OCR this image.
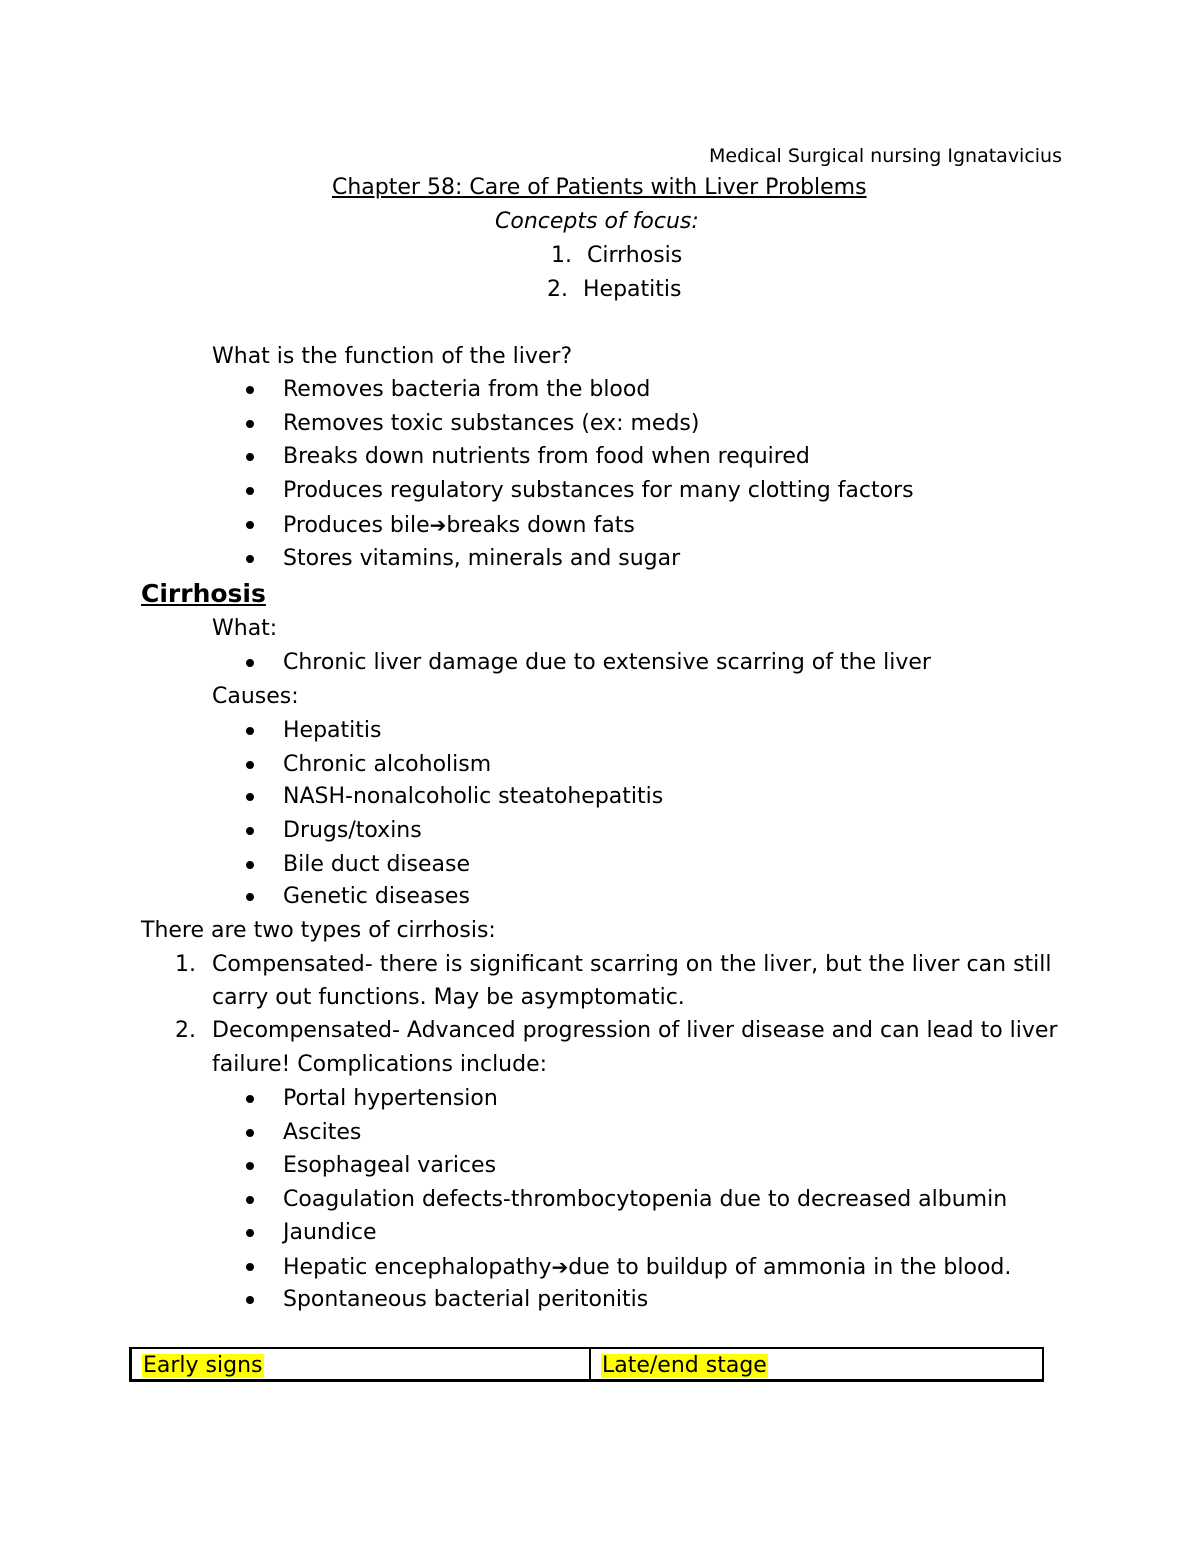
Medical Surgical nursing Ignatavicius
Chapter 58: Care of Patients with Liver Problems
Concepts of focus:
1. Cirrhosis
2. Hepatitis
What is the function of the liver?
Removes bacteria from the blood
Removes toxic substances (ex: meds)
Breaks down nutrients from food when required
Produces regulatory substances for many clotting factors
Produces bile➔breaks down fats
Stores vitamins, minerals and sugar
Cirrhosis
What:
Chronic liver damage due to extensive scarring of the liver
Causes:
Hepatitis
Chronic alcoholism
NASH-nonalcoholic steatohepatitis
Drugs/toxins
Bile duct disease
Genetic diseases
There are two types of cirrhosis:
1. Compensated- there is significant scarring on the liver, but the liver can still
carry out functions. May be asymptomatic.
2. Decompensated- Advanced progression of liver disease and can lead to liver
failure! Complications include:
Portal hypertension
Ascites
Esophageal varices
Coagulation defects-thrombocytopenia due to decreased albumin
Jaundice
Hepatic encephalopathy➔due to buildup of ammonia in the blood.
Spontaneous bacterial peritonitis
Early signs	Late/end stage
